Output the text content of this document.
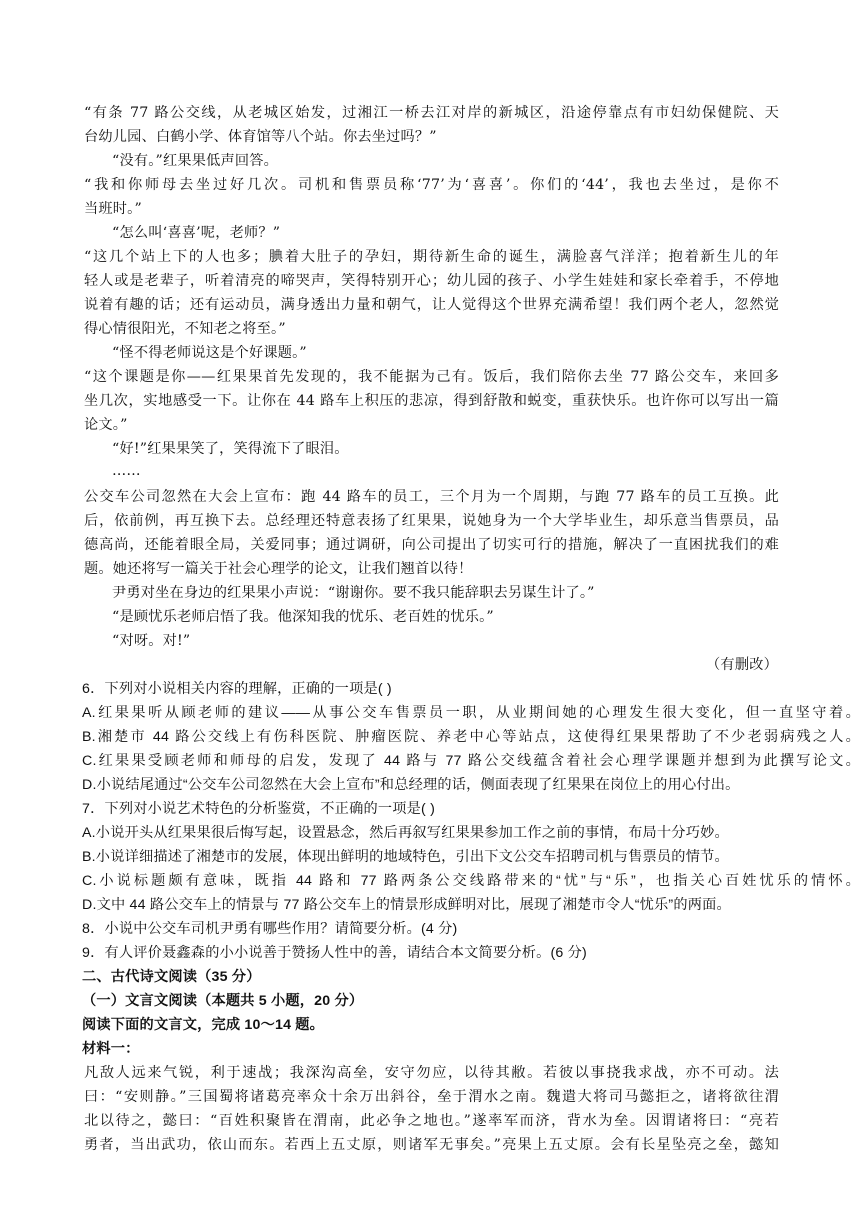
“有条 77 路公交线，从老城区始发，过湘江一桥去江对岸的新城区，沿途停靠点有市妇幼保健院、天
台幼儿园、白鹤小学、体育馆等八个站。你去坐过吗？”
“没有。”红果果低声回答。
“我和你师母去坐过好几次。司机和售票员称‘77’为‘喜喜’。你们的‘44’，我也去坐过，是你不
当班时。”
“怎么叫‘喜喜’呢，老师？”
“这几个站上下的人也多；腆着大肚子的孕妇，期待新生命的诞生，满脸喜气洋洋；抱着新生儿的年
轻人或是老辈子，听着清亮的啼哭声，笑得特别开心；幼儿园的孩子、小学生娃娃和家长牵着手，不停地
说着有趣的话；还有运动员，满身透出力量和朝气，让人觉得这个世界充满希望！我们两个老人，忽然觉
得心情很阳光，不知老之将至。”
“怪不得老师说这是个好课题。”
“这个课题是你——红果果首先发现的，我不能据为己有。饭后，我们陪你去坐 77 路公交车，来回多
坐几次，实地感受一下。让你在 44 路车上积压的悲凉，得到舒散和蜕变，重获快乐。也许你可以写出一篇
论文。”
“好!”红果果笑了，笑得流下了眼泪。
……
公交车公司忽然在大会上宣布：跑 44 路车的员工，三个月为一个周期，与跑 77 路车的员工互换。此
后，依前例，再互换下去。总经理还特意表扬了红果果，说她身为一个大学毕业生，却乐意当售票员，品
德高尚，还能着眼全局，关爱同事；通过调研，向公司提出了切实可行的措施，解决了一直困扰我们的难
题。她还将写一篇关于社会心理学的论文，让我们翘首以待！
尹勇对坐在身边的红果果小声说：“谢谢你。要不我只能辞职去另谋生计了。”
“是顾忧乐老师启悟了我。他深知我的忧乐、老百姓的忧乐。”
“对呀。对!”
（有删改）
6．下列对小说相关内容的理解，正确的一项是( )
A.红果果听从顾老师的建议——从事公交车售票员一职，从业期间她的心理发生很大变化，但一直坚守着。
B.湘楚市 44 路公交线上有伤科医院、肿瘤医院、养老中心等站点，这使得红果果帮助了不少老弱病残之人。
C.红果果受顾老师和师母的启发，发现了 44 路与 77 路公交线蕴含着社会心理学课题并想到为此撰写论文。
D.小说结尾通过“公交车公司忽然在大会上宣布”和总经理的话，侧面表现了红果果在岗位上的用心付出。
7．下列对小说艺术特色的分析鉴赏，不正确的一项是( )
A.小说开头从红果果很后悔写起，设置悬念，然后再叙写红果果参加工作之前的事情，布局十分巧妙。
B.小说详细描述了湘楚市的发展，体现出鲜明的地域特色，引出下文公交车招聘司机与售票员的情节。
C.小说标题颇有意味，既指 44 路和 77 路两条公交线路带来的“忧”与“乐”，也指关心百姓忧乐的情怀。
D.文中 44 路公交车上的情景与 77 路公交车上的情景形成鲜明对比，展现了湘楚市令人“忧乐”的两面。
8．小说中公交车司机尹勇有哪些作用？请简要分析。(4 分)
9．有人评价聂鑫森的小小说善于赞扬人性中的善，请结合本文简要分析。(6 分)
二、古代诗文阅读（35 分）
（一）文言文阅读（本题共 5 小题，20 分）
阅读下面的文言文，完成 10～14 题。
材料一：
凡敌人远来气锐，利于速战；我深沟高垒，安守勿应，以待其敝。若彼以事挠我求战，亦不可动。法
曰：“安则静。”三国蜀将诸葛亮率众十余万出斜谷，垒于渭水之南。魏遣大将司马懿拒之，诸将欲往渭
北以待之，懿曰：“百姓积聚皆在渭南，此必争之地也。”遂率军而济，背水为垒。因谓诸将曰：“亮若
勇者，当出武功，依山而东。若西上五丈原，则诸军无事矣。”亮果上五丈原。会有长星坠亮之垒，懿知
